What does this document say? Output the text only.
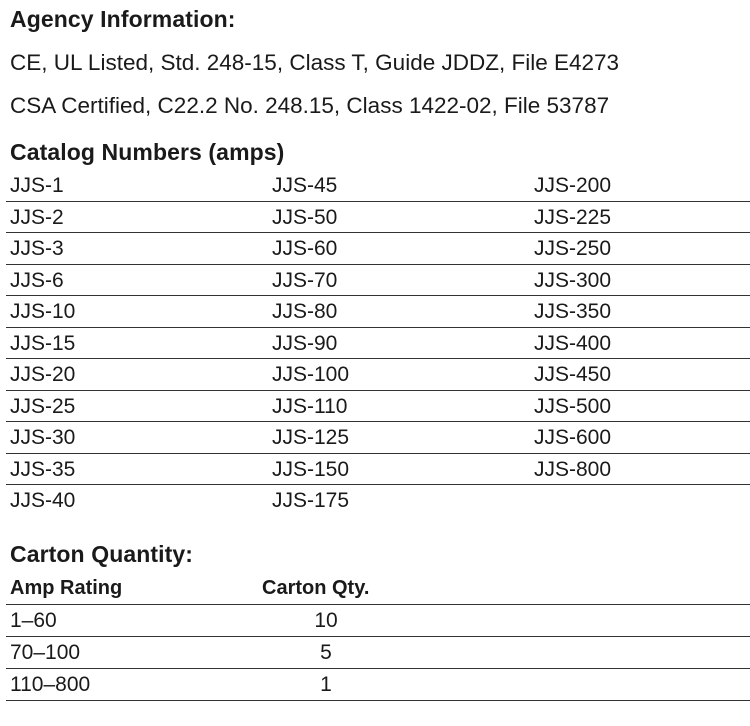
Agency Information:
CE, UL Listed, Std. 248-15, Class T, Guide JDDZ, File E4273
CSA Certified, C22.2 No. 248.15, Class 1422-02, File 53787
Catalog Numbers (amps)
JJS-1	JJS-45	JJS-200
JJS-2	JJS-50	JJS-225
JJS-3	JJS-60	JJS-250
JJS-6	JJS-70	JJS-300
JJS-10	JJS-80	JJS-350
JJS-15	JJS-90	JJS-400
JJS-20	JJS-100	JJS-450
JJS-25	JJS-110	JJS-500
JJS-30	JJS-125	JJS-600
JJS-35	JJS-150	JJS-800
JJS-40	JJS-175
Carton Quantity:
Amp Rating	Carton Qty.
1–60	10
70–100	5
110–800	1
